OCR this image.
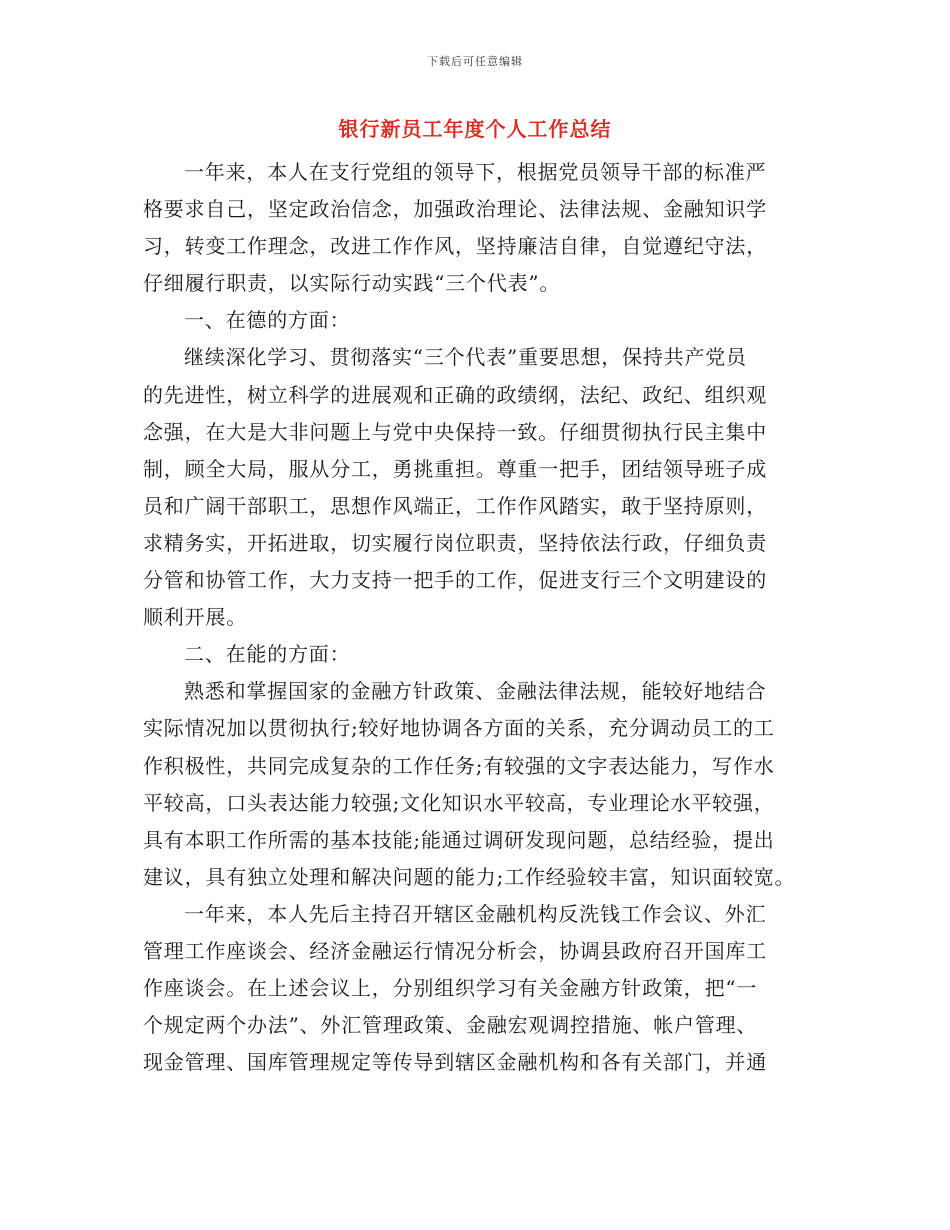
下载后可任意编辑
银行新员工年度个人工作总结
一年来，本人在支行党组的领导下，根据党员领导干部的标准严
格要求自己，坚定政治信念，加强政治理论、法律法规、金融知识学
习，转变工作理念，改进工作作风，坚持廉洁自律，自觉遵纪守法，
仔细履行职责，以实际行动实践“三个代表”。
一、在德的方面：
继续深化学习、贯彻落实“三个代表”重要思想，保持共产党员
的先进性，树立科学的进展观和正确的政绩纲，法纪、政纪、组织观
念强，在大是大非问题上与党中央保持一致。仔细贯彻执行民主集中
制，顾全大局，服从分工，勇挑重担。尊重一把手，团结领导班子成
员和广阔干部职工，思想作风端正，工作作风踏实，敢于坚持原则，
求精务实，开拓进取，切实履行岗位职责，坚持依法行政，仔细负责
分管和协管工作，大力支持一把手的工作，促进支行三个文明建设的
顺利开展。
二、在能的方面：
熟悉和掌握国家的金融方针政策、金融法律法规，能较好地结合
实际情况加以贯彻执行;较好地协调各方面的关系，充分调动员工的工
作积极性，共同完成复杂的工作任务;有较强的文字表达能力，写作水
平较高，口头表达能力较强;文化知识水平较高，专业理论水平较强，
具有本职工作所需的基本技能;能通过调研发现问题，总结经验，提出
建议，具有独立处理和解决问题的能力;工作经验较丰富，知识面较宽。
一年来，本人先后主持召开辖区金融机构反洗钱工作会议、外汇
管理工作座谈会、经济金融运行情况分析会，协调县政府召开国库工
作座谈会。在上述会议上，分别组织学习有关金融方针政策，把“一
个规定两个办法”、外汇管理政策、金融宏观调控措施、帐户管理、
现金管理、国库管理规定等传导到辖区金融机构和各有关部门，并通
